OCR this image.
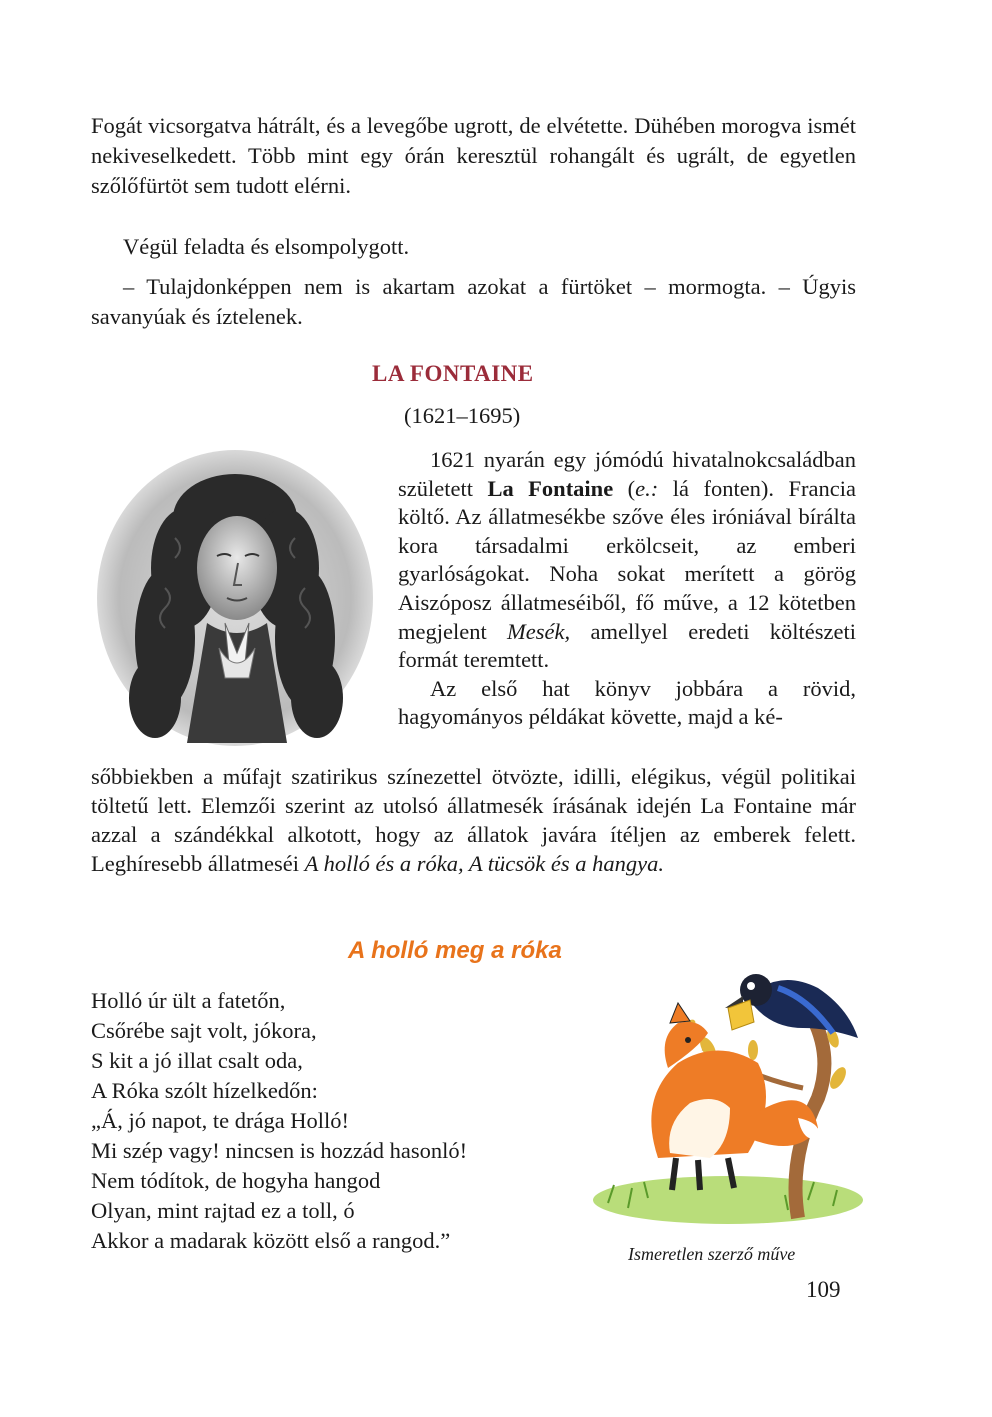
Fogát vicsorgatva hátrált, és a levegőbe ugrott, de elvétette. Dühében morogva ismét nekiveselkedett. Több mint egy órán keresztül rohangált és ugrált, de egyetlen szőlőfürtöt sem tudott elérni.
Végül feladta és elsompolygott.
– Tulajdonképpen nem is akartam azokat a fürtöket – mormogta. – Úgyis savanyúak és íztelenek.
LA FONTAINE
(1621–1695)
1621 nyarán egy jómódú hivatalnokcsaládban született La Fontaine (e.: lá fonten). Francia költő. Az állatmesékbe szőve éles iróniával bírálta kora társadalmi erkölcseit, az emberi gyarlóságokat. Noha sokat merített a görög Aiszóposz állatmeséiből, fő műve, a 12 kötetben megjelent Mesék, amellyel eredeti költészeti formát teremtett.
Az első hat könyv jobbára a rövid, hagyományos példákat követte, majd a ké-
sőbbiekben a műfajt szatirikus színezettel ötvözte, idilli, elégikus, végül politikai töltetű lett. Elemzői szerint az utolsó állatmesék írásának idején La Fontaine már azzal a szándékkal alkotott, hogy az állatok javára ítéljen az emberek felett. Leghíresebb állatmeséi A holló és a róka, A tücsök és a hangya.
A holló meg a róka
Holló úr ült a fatetőn,
Csőrébe sajt volt, jókora,
S kit a jó illat csalt oda,
A Róka szólt hízelkedőn:
„Á, jó napot, te drága Holló!
Mi szép vagy! nincsen is hozzád hasonló!
Nem tódítok, de hogyha hangod
Olyan, mint rajtad ez a toll, ó
Akkor a madarak között első a rangod.”
Ismeretlen szerző műve
109
